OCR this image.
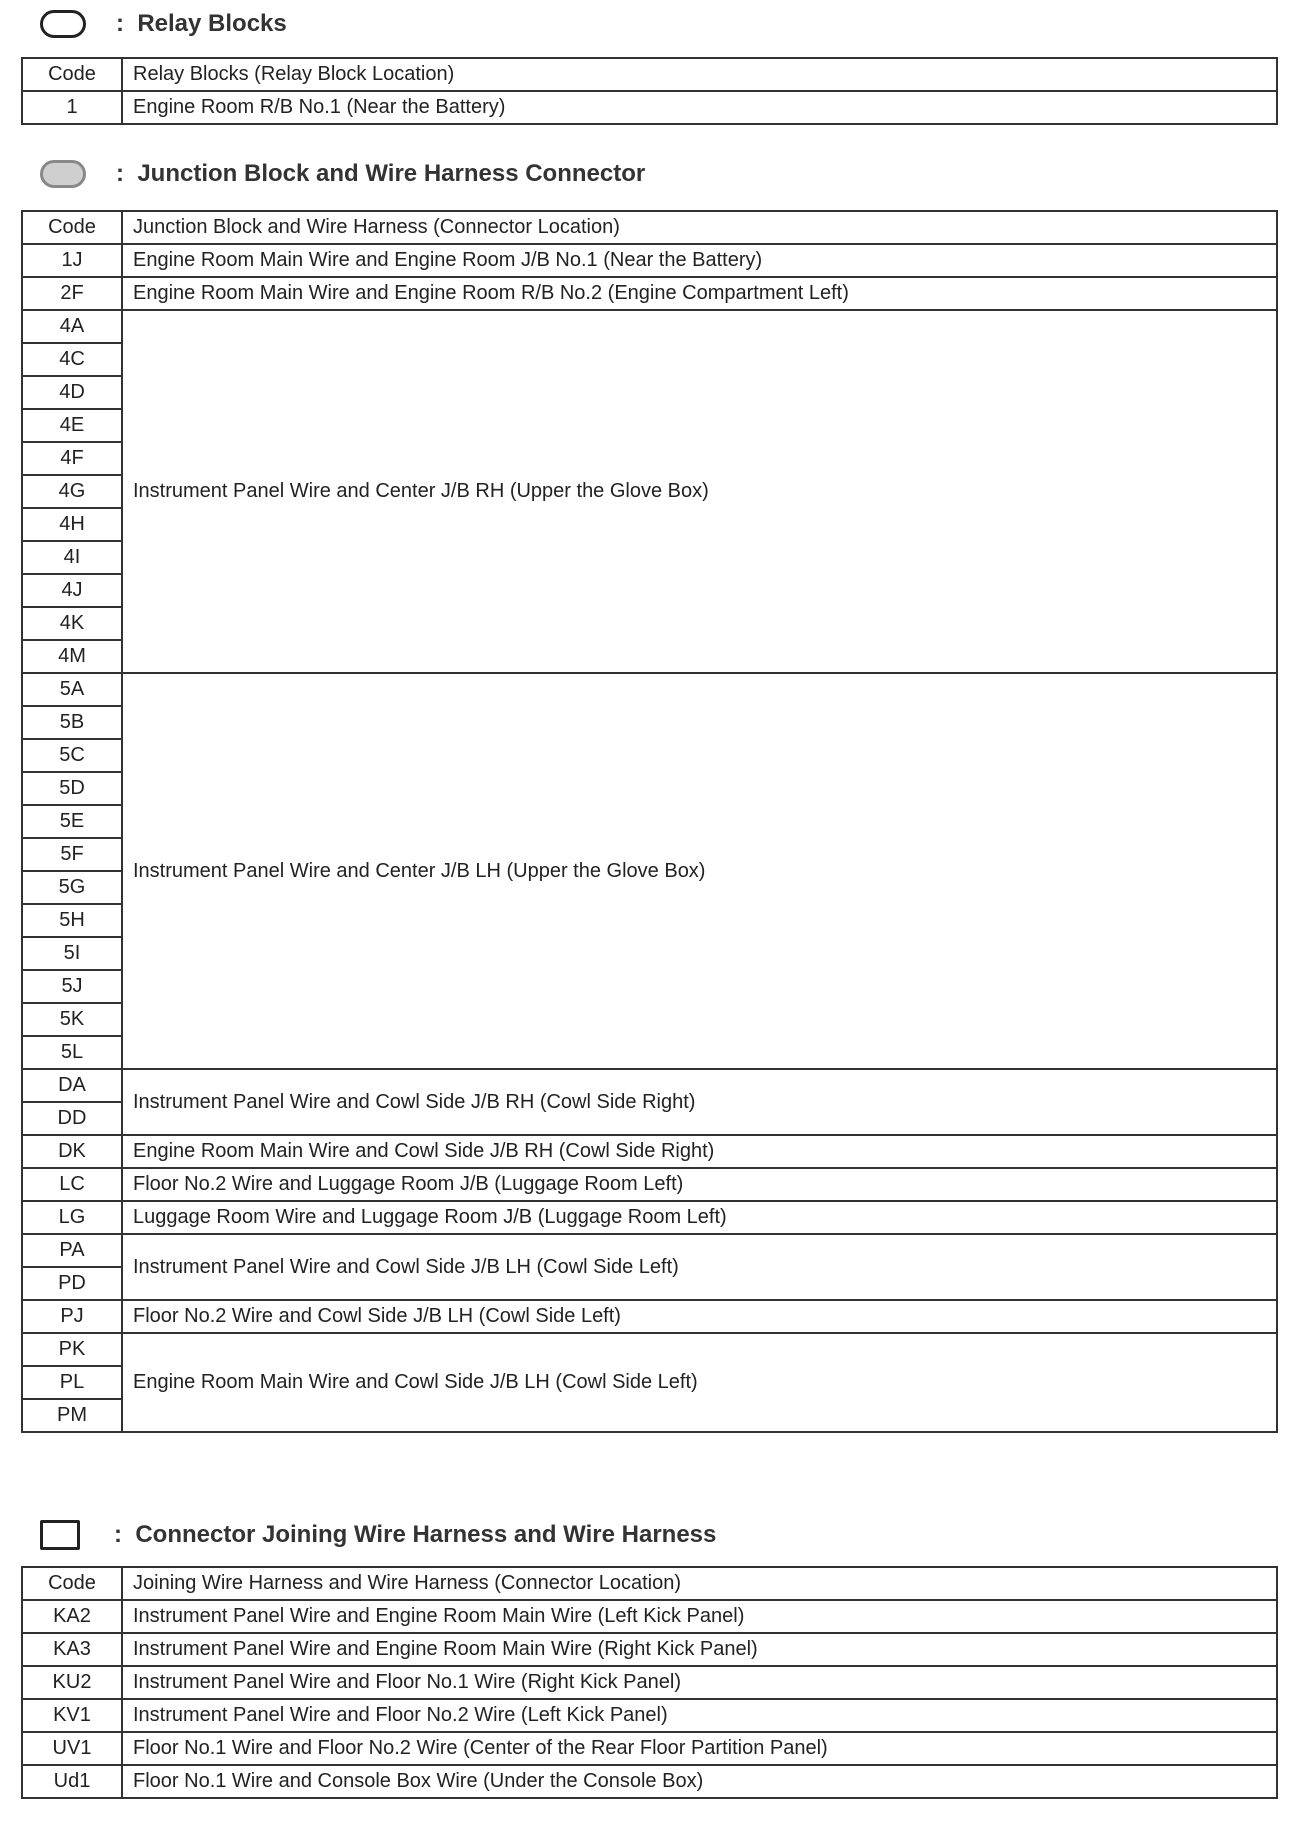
:  Relay Blocks
Code	Relay Blocks (Relay Block Location)
1	Engine Room R/B No.1 (Near the Battery)
:  Junction Block and Wire Harness Connector
Code	Junction Block and Wire Harness (Connector Location)
1J	Engine Room Main Wire and Engine Room J/B No.1 (Near the Battery)
2F	Engine Room Main Wire and Engine Room R/B No.2 (Engine Compartment Left)
4A	Instrument Panel Wire and Center J/B RH (Upper the Glove Box)
4C	
4D	
4E	
4F	
4G	
4H	
4I	
4J	
4K	
4M	
5A	Instrument Panel Wire and Center J/B LH (Upper the Glove Box)
5B	
5C	
5D	
5E	
5F	
5G	
5H	
5I	
5J	
5K	
5L	
DA	Instrument Panel Wire and Cowl Side J/B RH (Cowl Side Right)
DD	
DK	Engine Room Main Wire and Cowl Side J/B RH (Cowl Side Right)
LC	Floor No.2 Wire and Luggage Room J/B (Luggage Room Left)
LG	Luggage Room Wire and Luggage Room J/B (Luggage Room Left)
PA	Instrument Panel Wire and Cowl Side J/B LH (Cowl Side Left)
PD	
PJ	Floor No.2 Wire and Cowl Side J/B LH (Cowl Side Left)
PK	Engine Room Main Wire and Cowl Side J/B LH (Cowl Side Left)
PL	
PM	
:  Connector Joining Wire Harness and Wire Harness
Code	Joining Wire Harness and Wire Harness (Connector Location)
KA2	Instrument Panel Wire and Engine Room Main Wire (Left Kick Panel)
KA3	Instrument Panel Wire and Engine Room Main Wire (Right Kick Panel)
KU2	Instrument Panel Wire and Floor No.1 Wire (Right Kick Panel)
KV1	Instrument Panel Wire and Floor No.2 Wire (Left Kick Panel)
UV1	Floor No.1 Wire and Floor No.2 Wire (Center of the Rear Floor Partition Panel)
Ud1	Floor No.1 Wire and Console Box Wire (Under the Console Box)
